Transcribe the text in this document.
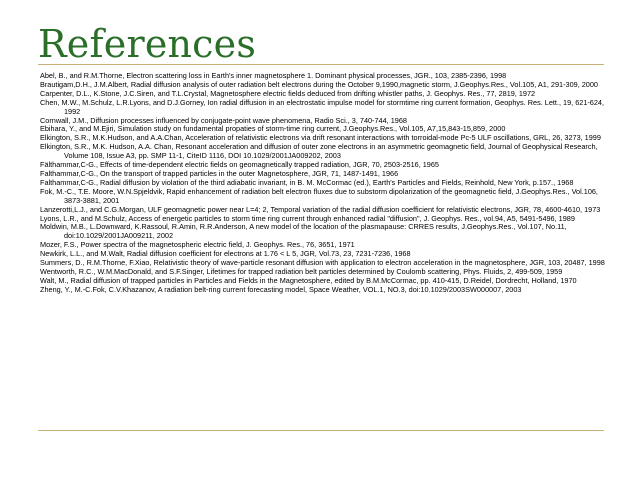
References
Abel, B., and R.M.Thorne, Electron scattering loss in Earth's inner magnetosphere 1. Dominant physical processes, JGR., 103, 2385-2396, 1998
Brautigam,D.H., J.M.Albert, Radial diffusion analysis of outer radiation belt electrons during the October 9,1990,magnetic storm, J.Geophys.Res., Vol.105, A1, 291-309, 2000
Carpenter, D.L., K.Stone, J.C.Siren, and T.L.Crystal, Magnetosphere electric fields deduced from drifting whistler paths, J. Geophys. Res., 77, 2819, 1972
Chen, M.W., M.Schulz, L.R.Lyons, and D.J.Gorney, Ion radial diffusion in an electrostatic impulse model for stormtime ring current formation, Geophys. Res. Lett., 19, 621-624, 1992
Cornwall, J.M., Diffusion processes influenced by conjugate-point wave phenomena, Radio Sci., 3, 740-744, 1968
Ebihara, Y., and M.Ejiri, Simulation study on fundamental propaties of storm-time ring current, J.Geophys.Res., Vol.105, A7,15,843-15,859, 2000
Elkington, S.R., M.K.Hudson, and A.A.Chan, Acceleration of relativistic electrons via drift resonant interactions with torroidal-mode Pc-5 ULF oscillations, GRL, 26, 3273, 1999
Elkington, S.R., M.K. Hudson, A.A. Chan, Resonant acceleration and diffusion of outer zone electrons in an asymmetric geomagnetic field, Journal of Geophysical Research, Volume 108, Issue A3, pp. SMP 11-1, CiteID 1116, DOI 10.1029/2001JA009202, 2003
Fälthammar,C-G., Effects of time-dependent electric fields on geomagnetically trapped radiation, JGR, 70, 2503-2516, 1965
Falthammar,C-G., On the transport of trapped particles in the outer Magnetosphere, JGR, 71, 1487-1491, 1966
Falthammar,C-G., Radial diffusion by violation of the third adiabatic invariant, in B. M. McCormac (ed.), Earth's Particles and Fields, Reinhold, New York, p.157., 1968
Fok, M.-C., T.E. Moore, W.N.Spjeldvik, Rapid enhancement of radiation belt electron fluxes due to substorm dipolarization of the geomagnetic field, J.Geophys.Res., Vol.106, 3873-3881, 2001
Lanzerotti,L.J., and C.G.Morgan, ULF geomagnetic power near L=4; 2, Temporal variation of the radial diffusion coefficient for relativistic electrons, JGR, 78, 4600-4610, 1973
Lyons, L.R., and M.Schulz, Access of energetic particles to storm time ring current through enhanced radial "diffusion", J. Geophys. Res., vol.94, A5, 5491-5496, 1989
Moldwin, M.B., L.Downward, K.Rassoul, R.Amin, R.R.Anderson, A new model of the location of the plasmapause: CRRES results, J.Geophys.Res., Vol.107, No.11, doi:10.1029/2001JA009211, 2002
Mozer, F.S., Power spectra of the magnetospheric electric field, J. Geophys. Res., 76, 3651, 1971
Newkirk, L.L., and M.Walt, Radial diffusion coefficient for electrons at 1.76 < L 5, JGR, Vol.73, 23, 7231-7236, 1968
Summers, D., R.M.Thorne, F.Xiao, Relativistic theory of wave-particle resonant diffusion with application to electron acceleration in the magnetosphere, JGR, 103, 20487, 1998
Wentworth, R.C., W.M.MacDonald, and S.F.Singer, Lifetimes for trapped radiation belt particles determined by Coulomb scattering, Phys. Fluids, 2, 499-509, 1959
Walt, M., Radial diffusion of trapped particles in Particles and Fields in the Magnetosphere, edited by B.M.McCormac, pp. 410-415, D.Reidel, Dordrecht, Holland, 1970
Zheng, Y., M.-C.Fok, C.V.Khazanov, A radiation belt-ring current forecasting model, Space Weather, VOL.1, NO.3, doi:10.1029/2003SW000007, 2003
